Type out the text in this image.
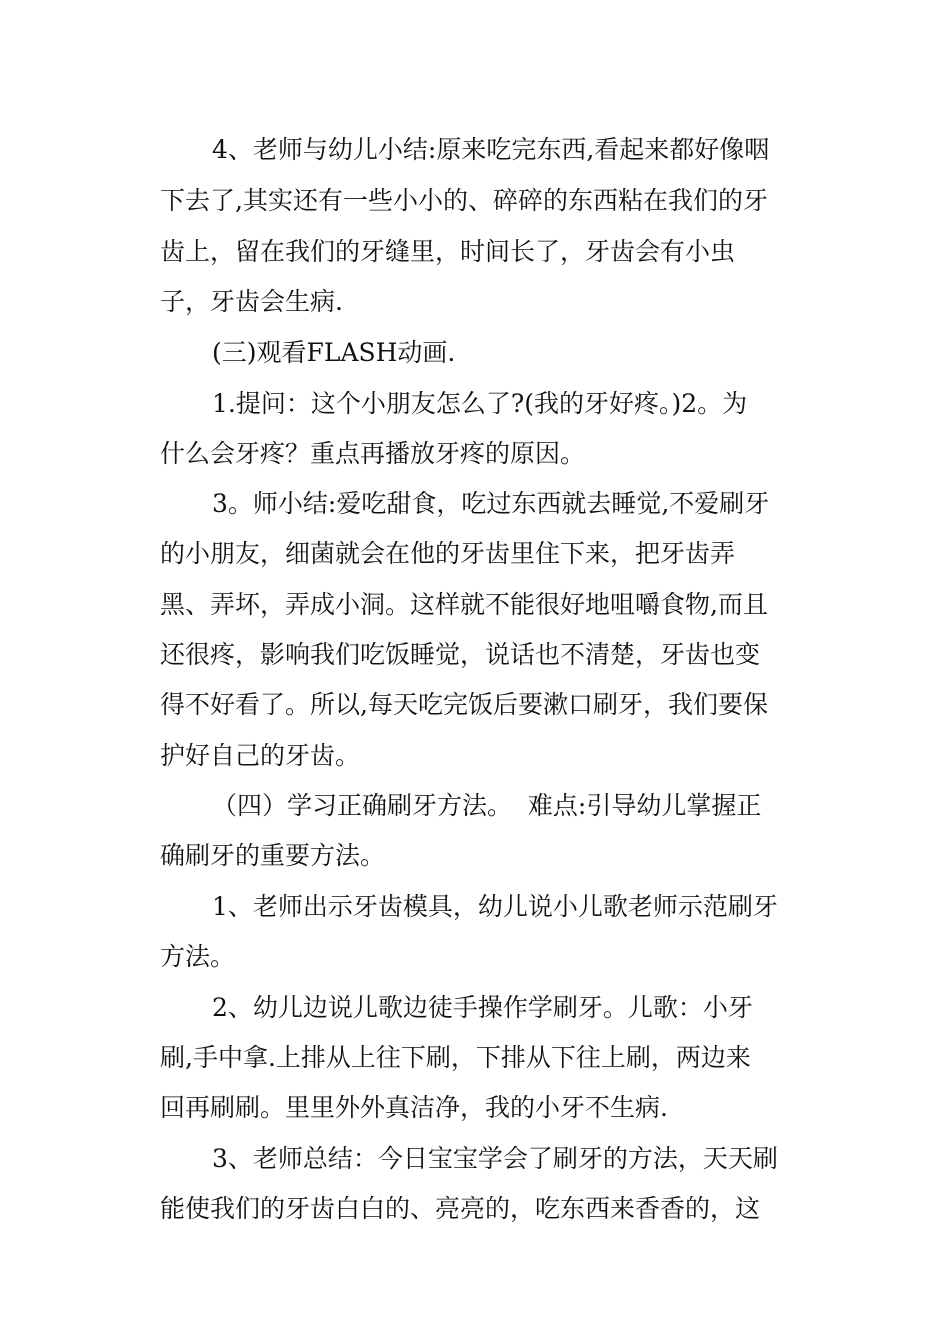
4、老师与幼儿小结:原来吃完东西,看起来都好像咽
下去了,其实还有一些小小的、碎碎的东西粘在我们的牙
齿上，留在我们的牙缝里，时间长了，牙齿会有小虫
子，牙齿会生病.
(三)观看FLASH动画.
1.提问：这个小朋友怎么了?(我的牙好疼。)2。为
什么会牙疼？重点再播放牙疼的原因。
3。师小结:爱吃甜食，吃过东西就去睡觉,不爱刷牙
的小朋友，细菌就会在他的牙齿里住下来，把牙齿弄
黑、弄坏，弄成小洞。这样就不能很好地咀嚼食物,而且
还很疼，影响我们吃饭睡觉，说话也不清楚，牙齿也变
得不好看了。所以,每天吃完饭后要漱口刷牙，我们要保
护好自己的牙齿。
（四）学习正确刷牙方法。  难点:引导幼儿掌握正
确刷牙的重要方法。
1、老师出示牙齿模具，幼儿说小儿歌老师示范刷牙
方法。
2、幼儿边说儿歌边徒手操作学刷牙。儿歌：小牙
刷,手中拿.上排从上往下刷，下排从下往上刷，两边来
回再刷刷。里里外外真洁净，我的小牙不生病.
3、老师总结：今日宝宝学会了刷牙的方法，天天刷
能使我们的牙齿白白的、亮亮的，吃东西来香香的，这
